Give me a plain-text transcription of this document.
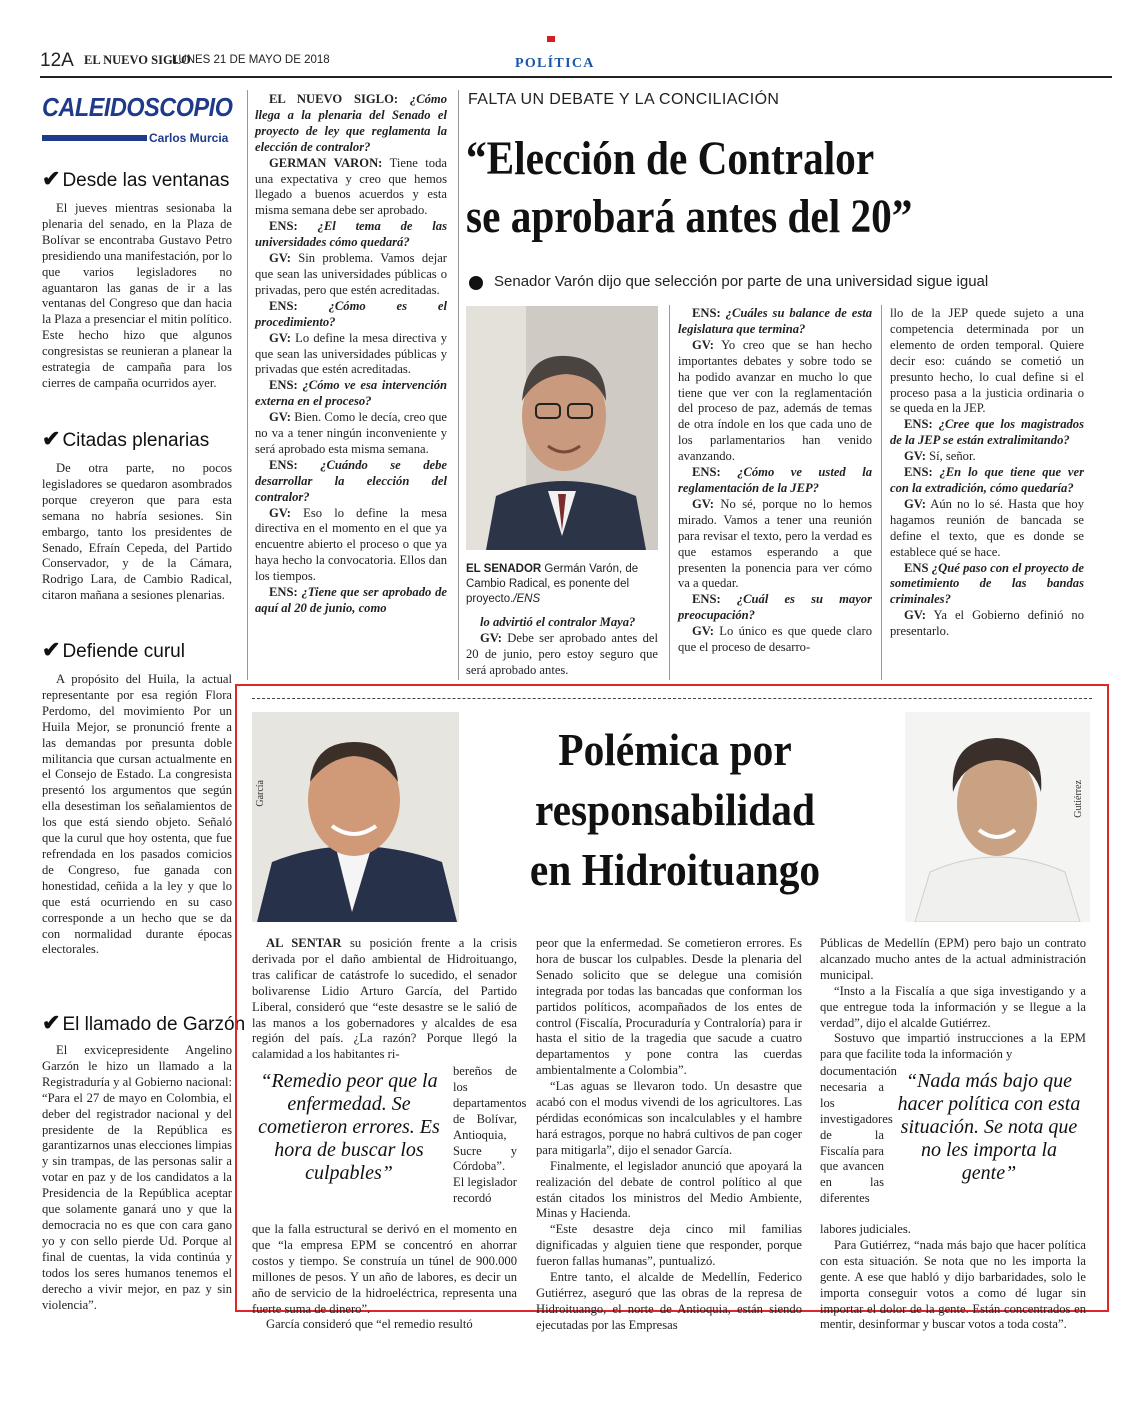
12A EL NUEVO SIGLO
LUNES 21 DE MAYO DE 2018	POLÍTICA
CALEIDOSCOPIO
Carlos Murcia
✔ Desde las ventanas

El jueves mientras sesionaba la plenaria del senado, en la Plaza de Bolívar se encontraba Gustavo Petro presidiendo una manifestación, por lo que varios legisladores no aguantaron las ganas de ir a las ventanas del Congreso que dan hacia la Plaza a presenciar el mitin político. Este hecho hizo que algunos congresistas se reunieran a planear la estrategia de campaña para los cierres de campaña ocurridos ayer.

✔ Citadas plenarias

De otra parte, no pocos legisladores se quedaron asombrados porque creyeron que para esta semana no habría sesiones. Sin embargo, tanto los presidentes de Senado, Efraín Cepeda, del Partido Conservador, y de la Cámara, Rodrigo Lara, de Cambio Radical, citaron mañana a sesiones plenarias.

✔ Defiende curul

A propósito del Huila, la actual representante por esa región Flora Perdomo, del movimiento Por un Huila Mejor, se pronunció frente a las demandas por presunta doble militancia que cursan actualmente en el Consejo de Estado. La congresista presentó los argumentos que según ella desestiman los señalamientos de los que está siendo objeto. Señaló que la curul que hoy ostenta, que fue refrendada en los pasados comicios de Congreso, fue ganada con honestidad, ceñida a la ley y que lo que está ocurriendo en su caso corresponde a un hecho que se da con normalidad durante épocas electorales.

✔ El llamado de Garzón

El exvicepresidente Angelino Garzón le hizo un llamado a la Registraduría y al Gobierno nacional: “Para el 27 de mayo en Colombia, el deber del registrador nacional y del presidente de la República es garantizarnos unas elecciones limpias y sin trampas, de las personas salir a votar en paz y de los candidatos a la Presidencia de la República aceptar que solamente ganará uno y que la democracia no es que con cara gano yo y con sello pierde Ud. Porque al final de cuentas, la vida continúa y todos los seres humanos tenemos el derecho a vivir mejor, en paz y sin violencia”.

FALTA UN DEBATE Y LA CONCILIACIÓN
“Elección de Contralor
se aprobará antes del 20”
Senador Varón dijo que selección por parte de una universidad sigue igual

EL NUEVO SIGLO: ¿Cómo llega a la plenaria del Senado el proyecto de ley que reglamenta la elección de contralor?

GERMAN VARON: Tiene toda una expectativa y creo que hemos llegado a buenos acuerdos y esta misma semana debe ser aprobado.

ENS: ¿El tema de las universidades cómo quedará?

GV: Sin problema. Vamos dejar que sean las universidades públicas o privadas, pero que estén acreditadas.

ENS: ¿Cómo es el procedimiento?

GV: Lo define la mesa directiva y que sean las universidades públicas y privadas que estén acreditadas.

ENS: ¿Cómo ve esa intervención externa en el proceso?

GV: Bien. Como le decía, creo que no va a tener ningún inconveniente y será aprobado esta misma semana.

ENS: ¿Cuándo se debe desarrollar la elección del contralor?

GV: Eso lo define la mesa directiva en el momento en el que ya encuentre abierto el proceso o que ya haya hecho la convocatoria. Ellos dan los tiempos.

ENS: ¿Tiene que ser aprobado de aquí al 20 de junio, como

EL SENADOR Germán Varón, de Cambio Radical, es ponente del proyecto./ENS

lo advirtió el contralor Maya?

GV: Debe ser aprobado antes del 20 de junio, pero estoy seguro que será aprobado antes.

ENS: ¿Cuáles su balance de esta legislatura que termina?

GV: Yo creo que se han hecho importantes debates y sobre todo se ha podido avanzar en mucho lo que tiene que ver con la reglamentación del proceso de paz, además de temas de otra índole en los que cada uno de los parlamentarios han venido avanzando.

ENS: ¿Cómo ve usted la reglamentación de la JEP?

GV: No sé, porque no lo hemos mirado. Vamos a tener una reunión para revisar el texto, pero la verdad es que estamos esperando a que presenten la ponencia para ver cómo va a quedar.

ENS: ¿Cuál es su mayor preocupación?

GV: Lo único es que quede claro que el proceso de desarro-

llo de la JEP quede sujeto a una competencia determinada por un elemento de orden temporal. Quiere decir eso: cuándo se cometió un presunto hecho, lo cual define si el proceso pasa a la justicia ordinaria o se queda en la JEP.

ENS: ¿Cree que los magistrados de la JEP se están extralimitando?

GV: Sí, señor.

ENS: ¿En lo que tiene que ver con la extradición, cómo quedaría?

GV: Aún no lo sé. Hasta que hoy hagamos reunión de bancada se define el texto, que es donde se establece qué se hace.

ENS ¿Qué paso con el proyecto de sometimiento de las bandas criminales?

GV: Ya el Gobierno definió no presentarlo.

García
Polémica por
responsabilidad
en Hidroituango
Gutiérrez

AL SENTAR su posición frente a la crisis derivada por el daño ambiental de Hidroituango, tras calificar de catástrofe lo sucedido, el senador bolivarense Lidio Arturo García, del Partido Liberal, consideró que “este desastre se le salió de las manos a los gobernadores y alcaldes de esa región del país. ¿La razón? Porque llegó la calamidad a los habitantes ri-

“Remedio peor que la enfermedad. Se cometieron errores. Es hora de buscar los culpables”

bereños de los departamentos de Bolívar, Antioquia, Sucre y Córdoba”. El legislador recordó

que la falla estructural se derivó en el momento en que “la empresa EPM se concentró en ahorrar costos y tiempo. Se construía un túnel de 900.000 millones de pesos. Y un año de labores, es decir un año de servicio de la hidroeléctrica, representa una fuerte suma de dinero”.

García consideró que “el remedio resultó

peor que la enfermedad. Se cometieron errores. Es hora de buscar los culpables. Desde la plenaria del Senado solicito que se delegue una comisión integrada por todas las bancadas que conforman los partidos políticos, acompañados de los entes de control (Fiscalía, Procuraduría y Contraloría) para ir hasta el sitio de la tragedia que sacude a cuatro departamentos y pone contra las cuerdas ambientalmente a Colombia”.

“Las aguas se llevaron todo. Un desastre que acabó con el modus vivendi de los agricultores. Las pérdidas económicas son incalculables y el hambre hará estragos, porque no habrá cultivos de pan coger para mitigarla”, dijo el senador García.

Finalmente, el legislador anunció que apoyará la realización del debate de control político al que están citados los ministros del Medio Ambiente, Minas y Hacienda.

“Este desastre deja cinco mil familias dignificadas y alguien tiene que responder, porque fueron fallas humanas”, puntualizó.

Entre tanto, el alcalde de Medellín, Federico Gutiérrez, aseguró que las obras de la represa de Hidroituango, el norte de Antioquia, están siendo ejecutadas por las Empresas

Públicas de Medellín (EPM) pero bajo un contrato alcanzado mucho antes de la actual administración municipal.

“Insto a la Fiscalía a que siga investigando y a que entregue toda la información y se llegue a la verdad”, dijo el alcalde Gutiérrez.

Sostuvo que impartió instrucciones a la EPM para que facilite toda la información y

documentación necesaria a los investigadores de la Fiscalía para que avancen en las diferentes

“Nada más bajo que hacer política con esta situación. Se nota que no les importa la gente”

labores judiciales.

Para Gutiérrez, “nada más bajo que hacer política con esta situación. Se nota que no les importa la gente. A ese que habló y dijo barbaridades, solo le importa conseguir votos a como dé lugar sin importar el dolor de la gente. Están concentrados en mentir, desinformar y buscar votos a toda costa”.
